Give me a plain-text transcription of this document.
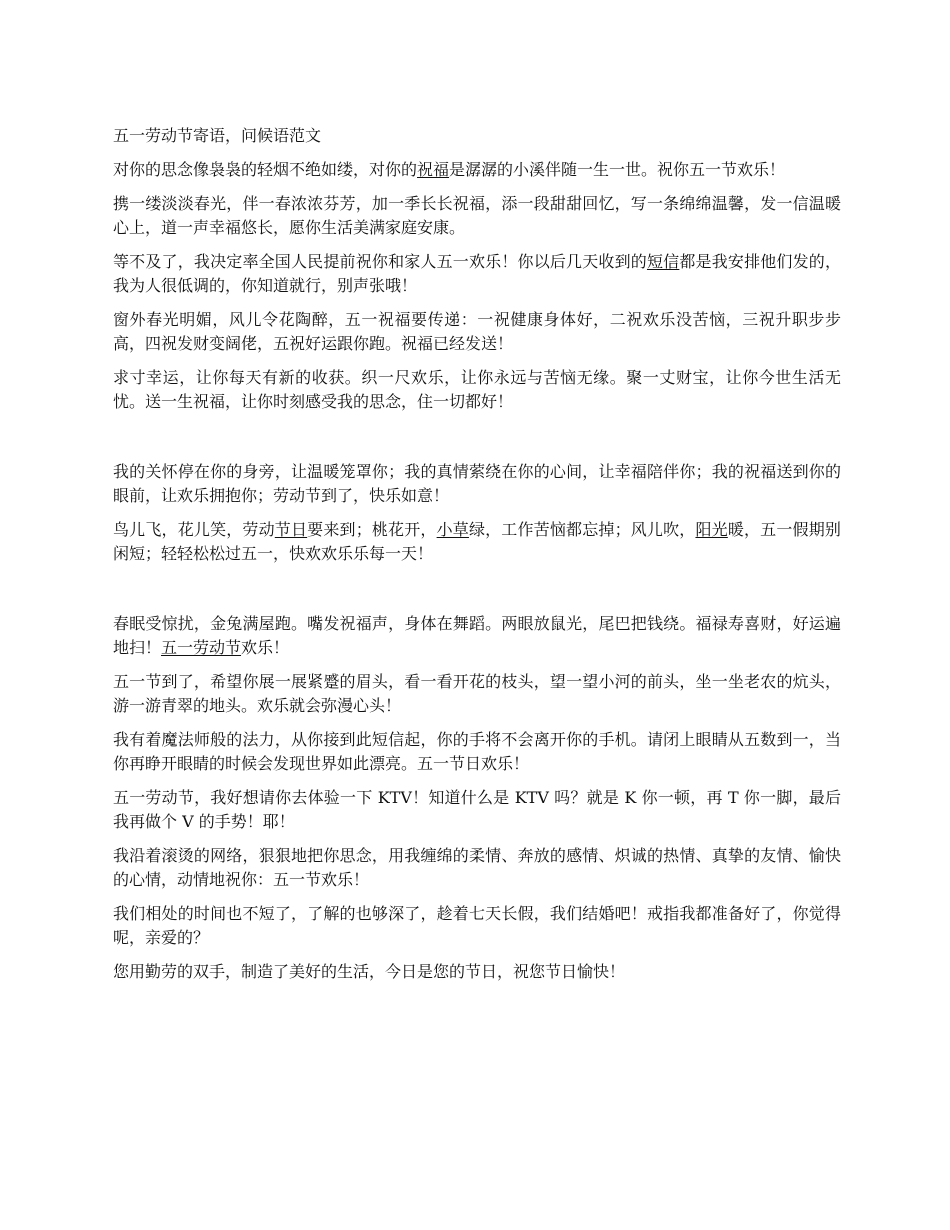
五一劳动节寄语，问候语范文

对你的思念像袅袅的轻烟不绝如缕，对你的祝福是潺潺的小溪伴随一生一世。祝你五一节欢乐！

携一缕淡淡春光，伴一春浓浓芬芳，加一季长长祝福，添一段甜甜回忆，写一条绵绵温馨，发一信温暖心上，道一声幸福悠长，愿你生活美满家庭安康。

等不及了，我决定率全国人民提前祝你和家人五一欢乐！你以后几天收到的短信都是我安排他们发的，我为人很低调的，你知道就行，别声张哦！

窗外春光明媚，风儿令花陶醉，五一祝福要传递：一祝健康身体好，二祝欢乐没苦恼，三祝升职步步高，四祝发财变阔佬，五祝好运跟你跑。祝福已经发送！

求寸幸运，让你每天有新的收获。织一尺欢乐，让你永远与苦恼无缘。聚一丈财宝，让你今世生活无忧。送一生祝福，让你时刻感受我的思念，住一切都好！

我的关怀停在你的身旁，让温暖笼罩你；我的真情萦绕在你的心间，让幸福陪伴你；我的祝福送到你的眼前，让欢乐拥抱你；劳动节到了，快乐如意！

鸟儿飞，花儿笑，劳动节日要来到；桃花开，小草绿，工作苦恼都忘掉；风儿吹，阳光暖，五一假期别闲短；轻轻松松过五一，快欢欢乐乐每一天！

春眠受惊扰，金兔满屋跑。嘴发祝福声，身体在舞蹈。两眼放鼠光，尾巴把钱绕。福禄寿喜财，好运遍地扫！五一劳动节欢乐！

五一节到了，希望你展一展紧蹙的眉头，看一看开花的枝头，望一望小河的前头，坐一坐老农的炕头，游一游青翠的地头。欢乐就会弥漫心头！

我有着魔法师般的法力，从你接到此短信起，你的手将不会离开你的手机。请闭上眼睛从五数到一，当你再睁开眼睛的时候会发现世界如此漂亮。五一节日欢乐！

五一劳动节，我好想请你去体验一下 KTV！知道什么是 KTV 吗？就是 K 你一顿，再 T 你一脚，最后我再做个 V 的手势！耶！

我沿着滚烫的网络，狠狠地把你思念，用我缠绵的柔情、奔放的感情、炽诚的热情、真挚的友情、愉快的心情，动情地祝你：五一节欢乐！

我们相处的时间也不短了，了解的也够深了，趁着七天长假，我们结婚吧！戒指我都准备好了，你觉得呢，亲爱的？

您用勤劳的双手，制造了美好的生活，今日是您的节日，祝您节日愉快！
